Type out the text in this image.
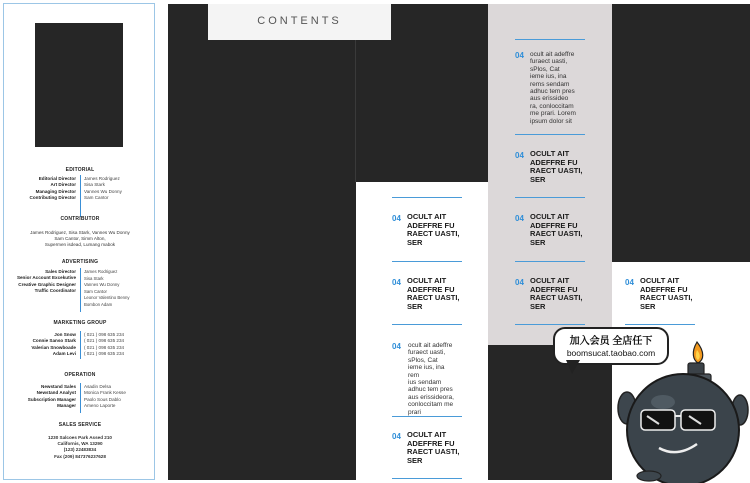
EDITORIAL
Editorial Director
Art Director
Managing Director
Contributing Director
James Rodriguez
Sisa Stark
Vannes Wu Donny
Sam Cantor
CONTRIBUTOR
James Rodriguez, Sisa Stark, Vannes Wu Donny
Sam Cantor, Simm Alton,
Supermen isdead, Lumang mabok
ADVERTISING
Sales Director
Senior Account Excekutive
Creative Graphic Designer
Traffic Coordinator
James Rodriguez
Sisa Stark
Vannes Wu Donny
Sam Cantor
Leonor Valentino Benny
Bombon Adam
MARKETING GROUP
Jon Snow
Connie Sanso Stark
Valerian Snowboade
Adam Levi
( 021 ) 098 635 234
( 021 ) 098 635 234
( 021 ) 098 635 234
( 021 ) 098 635 234
OPERATION
Newstand Sales
Newstand Analyst
Subscription Manager
Manager
Asadin Delsa
Monica Frank Kesse
Paolo Sous Dablo
Ameno Laporte
SALES SERVICE
1230 Salcoes Park Assed 210
Californis, WA 13290
(123) 22483834
Fax (209) 847376237628
CONTENTS
04 OCULT AIT
ADEFFRE FU
RAECT UASTI,
SER
04 OCULT AIT
ADEFFRE FU
RAECT UASTI,
SER
04 ocult ait adeffre
furaect uasti,
sPlos, Cat
ieme ius, ina
rem
ius sendam
adhuc tem pres
aus erissideora,
conloccitam me
prari
04 OCULT AIT
ADEFFRE FU
RAECT UASTI,
SER
04 ocult ait adeffre
furaect uasti,
sPlos, Cat
ieme ius, ina
rems sendam
adhuc tem pres
aus erissideo
ra, conloccitam
me prari. Lorem
ipsum dolor sit
04 OCULT AIT
ADEFFRE FU
RAECT UASTI,
SER
04 OCULT AIT
ADEFFRE FU
RAECT UASTI,
SER
04 OCULT AIT
ADEFFRE FU
RAECT UASTI,
SER
04 OCULT AIT
ADEFFRE FU
RAECT UASTI,
SER
加入会员 全店任下
boomsucat.taobao.com
